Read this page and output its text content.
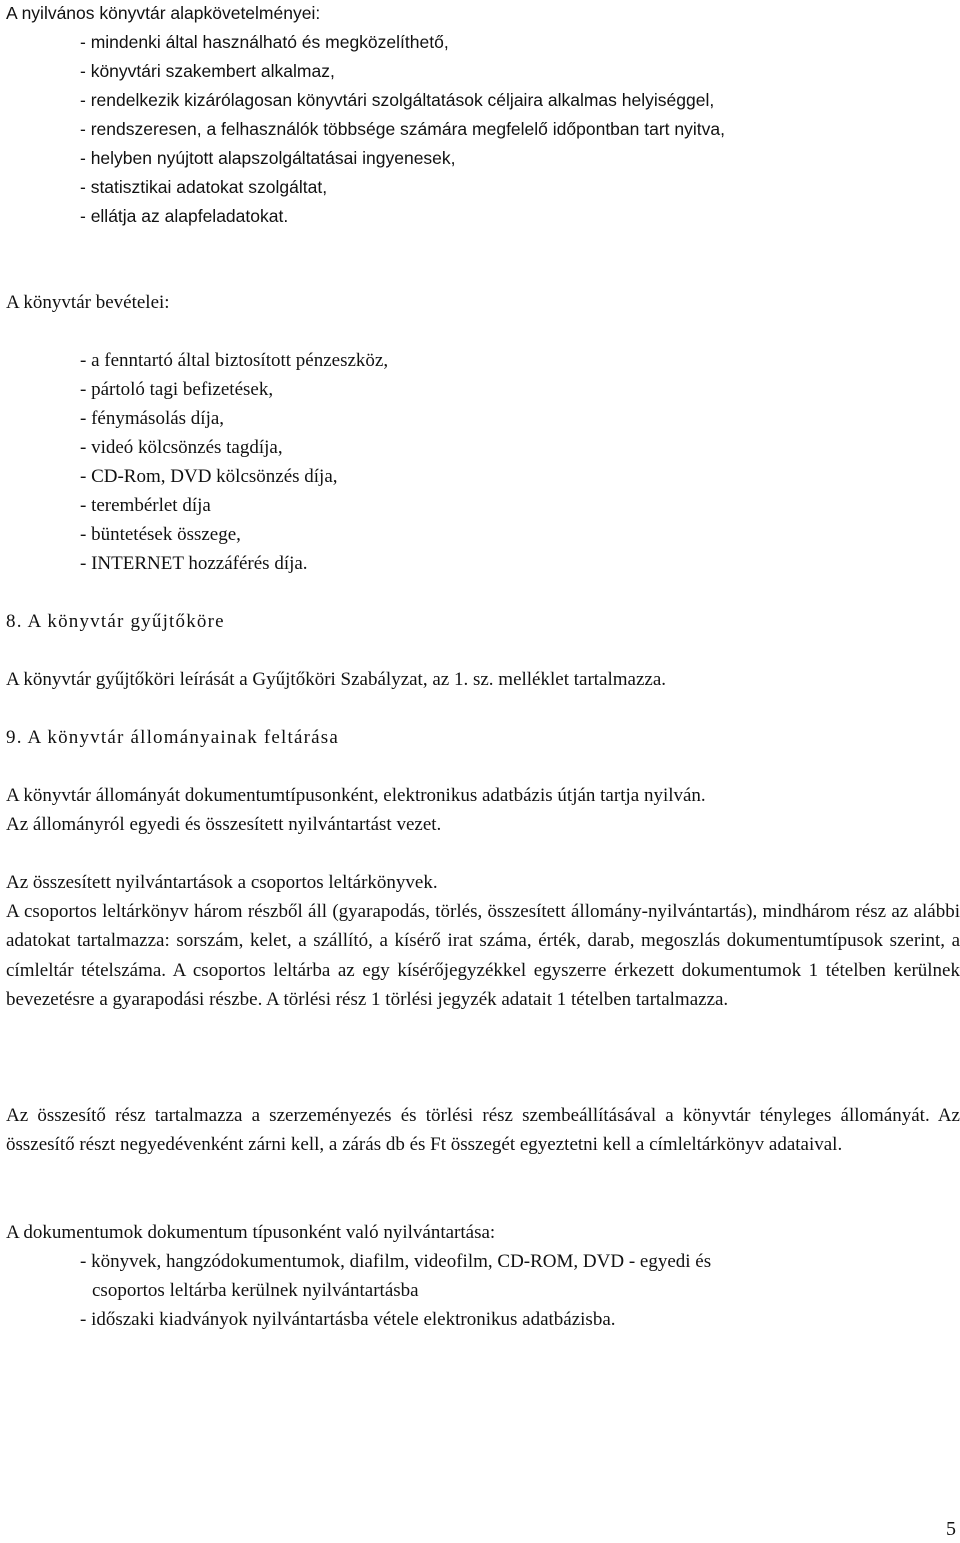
A nyilvános könyvtár alapkövetelményei:
- mindenki által használható és megközelíthető,
- könyvtári szakembert alkalmaz,
- rendelkezik kizárólagosan könyvtári szolgáltatások céljaira alkalmas helyiséggel,
- rendszeresen, a felhasználók többsége számára megfelelő időpontban tart nyitva,
- helyben nyújtott alapszolgáltatásai ingyenesek,
- statisztikai adatokat szolgáltat,
- ellátja az alapfeladatokat.
A könyvtár bevételei:
- a fenntartó által biztosított pénzeszköz,
- pártoló tagi befizetések,
- fénymásolás díja,
- videó kölcsönzés tagdíja,
- CD-Rom, DVD kölcsönzés díja,
- terembérlet díja
- büntetések összege,
- INTERNET hozzáférés díja.
8. A könyvtár gyűjtőköre
A könyvtár gyűjtőköri leírását a Gyűjtőköri Szabályzat, az 1. sz. melléklet tartalmazza.
9. A könyvtár állományainak feltárása
A könyvtár állományát dokumentumtípusonként, elektronikus adatbázis útján tartja nyilván.
Az állományról egyedi és összesített nyilvántartást vezet.
Az összesített nyilvántartások a csoportos leltárkönyvek.

A csoportos leltárkönyv három részből áll (gyarapodás, törlés, összesített állomány-nyilvántartás), mindhárom rész az alábbi adatokat tartalmazza: sorszám, kelet, a szállító, a kísérő irat száma, érték, darab, megoszlás dokumentumtípusok szerint, a címleltár tételszáma. A csoportos leltárba az egy kísérőjegyzékkel egyszerre érkezett dokumentumok 1 tételben kerülnek bevezetésre a gyarapodási részbe. A törlési rész 1 törlési jegyzék adatait 1 tételben tartalmazza.

Az összesítő rész tartalmazza a szerzeményezés és törlési rész szembeállításával a könyvtár tényleges állományát. Az összesítő részt negyedévenként zárni kell, a zárás db és Ft összegét egyeztetni kell a címleltárkönyv adataival.

A dokumentumok dokumentum típusonként való nyilvántartása:
- könyvek, hangzódokumentumok, diafilm, videofilm, CD-ROM, DVD - egyedi és
csoportos leltárba kerülnek nyilvántartásba
- időszaki kiadványok nyilvántartásba vétele elektronikus adatbázisba.
5
